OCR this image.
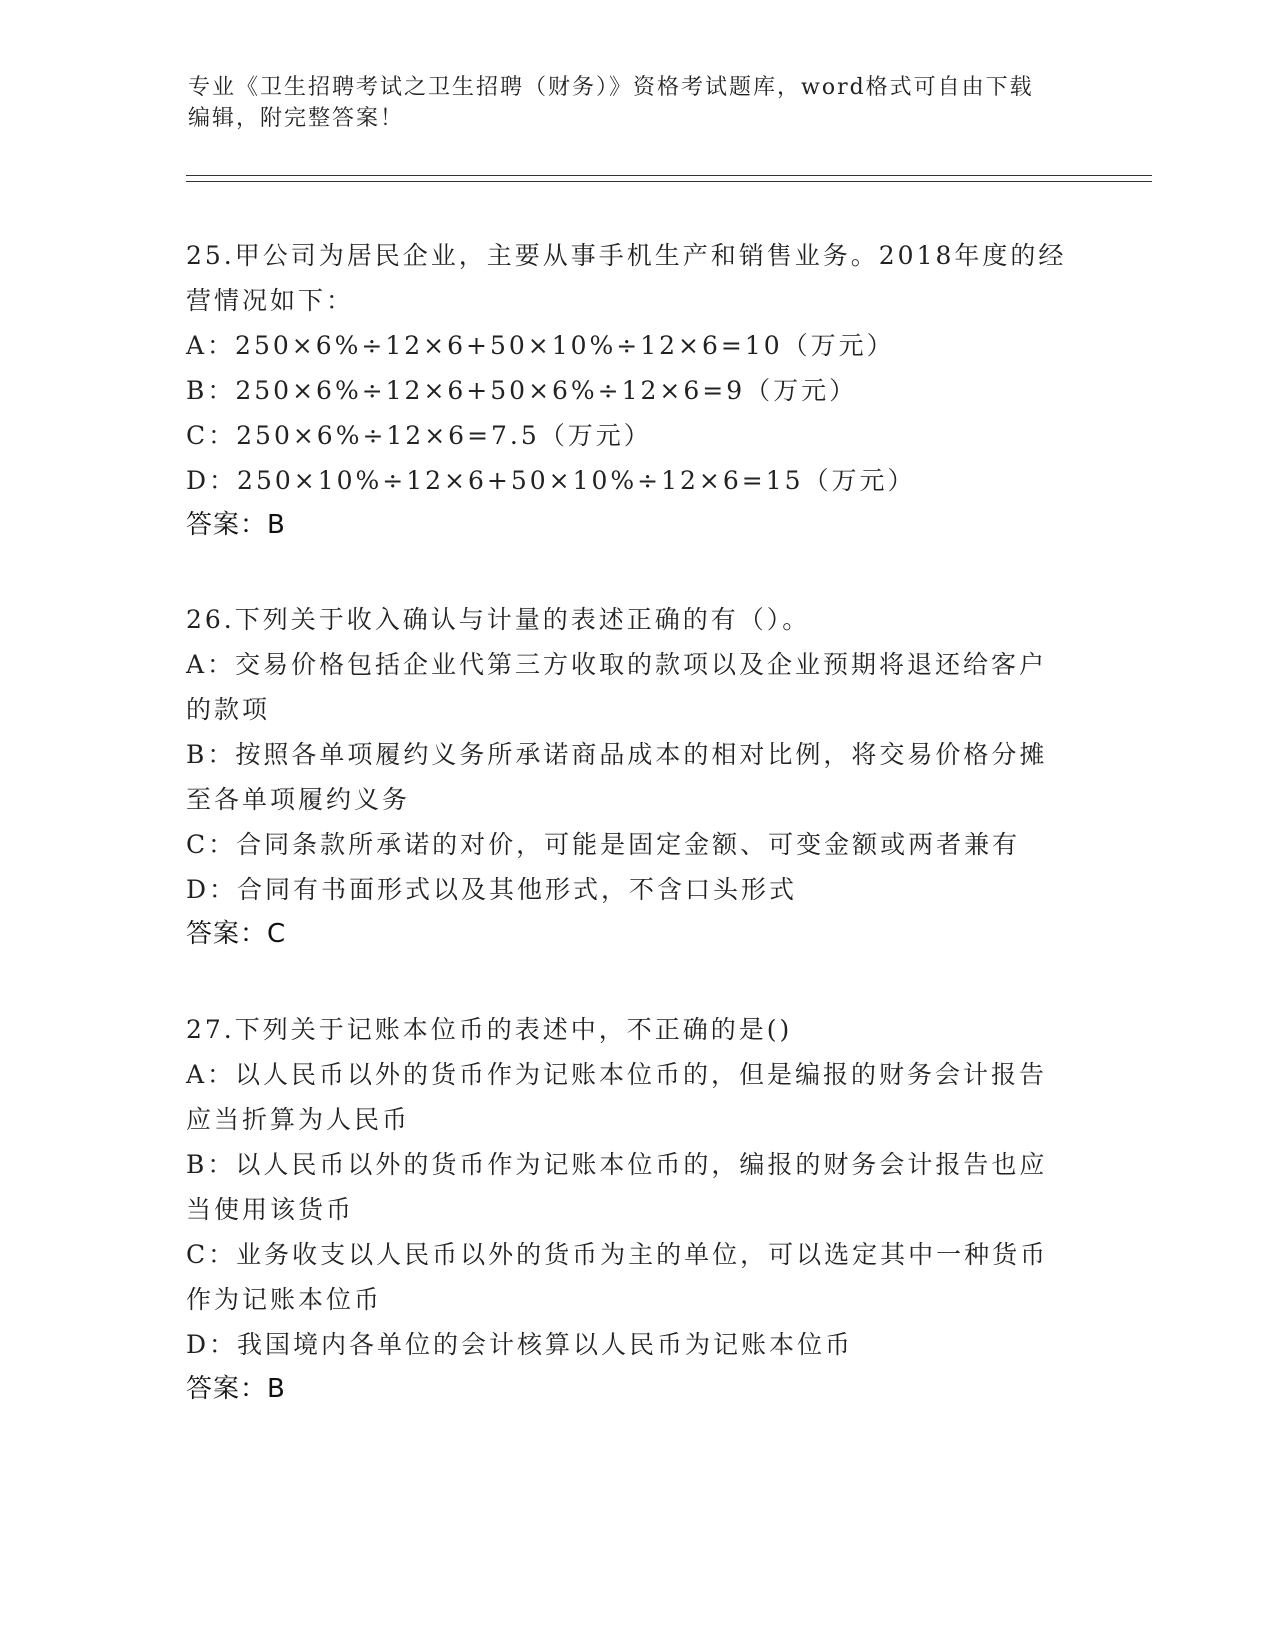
专业《卫生招聘考试之卫生招聘（财务）》资格考试题库，word格式可自由下载
编辑，附完整答案！
25.甲公司为居民企业，主要从事手机生产和销售业务。2018年度的经
营情况如下：
A：250×6%÷12×6+50×10%÷12×6=10（万元）
B：250×6%÷12×6+50×6%÷12×6=9（万元）
C：250×6%÷12×6=7.5（万元）
D：250×10%÷12×6+50×10%÷12×6=15（万元）
答案：B
26.下列关于收入确认与计量的表述正确的有（）。
A：交易价格包括企业代第三方收取的款项以及企业预期将退还给客户
的款项
B：按照各单项履约义务所承诺商品成本的相对比例，将交易价格分摊
至各单项履约义务
C：合同条款所承诺的对价，可能是固定金额、可变金额或两者兼有
D：合同有书面形式以及其他形式，不含口头形式
答案：C
27.下列关于记账本位币的表述中，不正确的是()
A：以人民币以外的货币作为记账本位币的，但是编报的财务会计报告
应当折算为人民币
B：以人民币以外的货币作为记账本位币的，编报的财务会计报告也应
当使用该货币
C：业务收支以人民币以外的货币为主的单位，可以选定其中一种货币
作为记账本位币
D：我国境内各单位的会计核算以人民币为记账本位币
答案：B
